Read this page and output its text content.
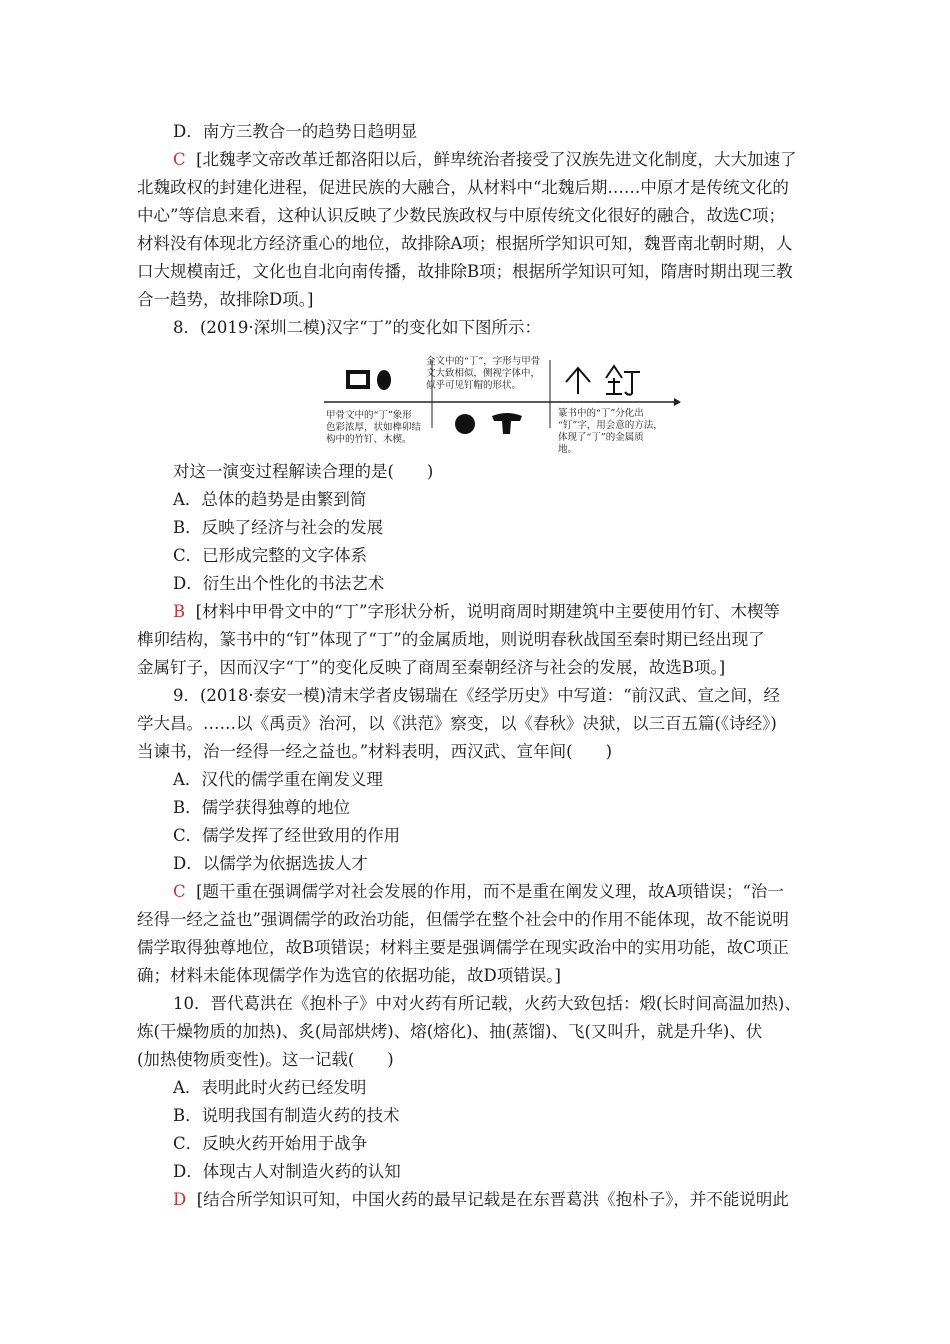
D．南方三教合一的趋势日趋明显
C [北魏孝文帝改革迁都洛阳以后，鲜卑统治者接受了汉族先进文化制度，大大加速了
北魏政权的封建化进程，促进民族的大融合，从材料中“北魏后期……中原才是传统文化的
中心”等信息来看，这种认识反映了少数民族政权与中原传统文化很好的融合，故选C项；
材料没有体现北方经济重心的地位，故排除A项；根据所学知识可知，魏晋南北朝时期，人
口大规模南迁，文化也自北向南传播，故排除B项；根据所学知识可知，隋唐时期出现三教
合一趋势，故排除D项。]
8．(2019·深圳二模)汉字“丁”的变化如下图所示：
甲骨文中的“丁”象形
色彩浓厚，状如榫卯结
构中的竹钉、木楔。
金文中的“丁”，字形与甲骨
文大致相似，侧视字体中，
似乎可见钉帽的形状。
篆书中的“丁”分化出
“钉”字，用会意的方法，
体现了“丁”的金属质
地。
对这一演变过程解读合理的是(　　)
A．总体的趋势是由繁到简
B．反映了经济与社会的发展
C．已形成完整的文字体系
D．衍生出个性化的书法艺术
B [材料中甲骨文中的“丁”字形状分析，说明商周时期建筑中主要使用竹钉、木楔等
榫卯结构，篆书中的“钉”体现了“丁”的金属质地，则说明春秋战国至秦时期已经出现了
金属钉子，因而汉字“丁”的变化反映了商周至秦朝经济与社会的发展，故选B项。]
9．(2018·泰安一模)清末学者皮锡瑞在《经学历史》中写道：“前汉武、宣之间，经
学大昌。……以《禹贡》治河，以《洪范》察变，以《春秋》决狱，以三百五篇(《诗经》)
当谏书，治一经得一经之益也。”材料表明，西汉武、宣年间(　　)
A．汉代的儒学重在阐发义理
B．儒学获得独尊的地位
C．儒学发挥了经世致用的作用
D．以儒学为依据选拔人才
C [题干重在强调儒学对社会发展的作用，而不是重在阐发义理，故A项错误；“治一
经得一经之益也”强调儒学的政治功能，但儒学在整个社会中的作用不能体现，故不能说明
儒学取得独尊地位，故B项错误；材料主要是强调儒学在现实政治中的实用功能，故C项正
确；材料未能体现儒学作为选官的依据功能，故D项错误。]
10．晋代葛洪在《抱朴子》中对火药有所记载，火药大致包括：煅(长时间高温加热)、
炼(干燥物质的加热)、炙(局部烘烤)、熔(熔化)、抽(蒸馏)、飞(又叫升，就是升华)、伏
(加热使物质变性)。这一记载(　　)
A．表明此时火药已经发明
B．说明我国有制造火药的技术
C．反映火药开始用于战争
D．体现古人对制造火药的认知
D [结合所学知识可知，中国火药的最早记载是在东晋葛洪《抱朴子》，并不能说明此
